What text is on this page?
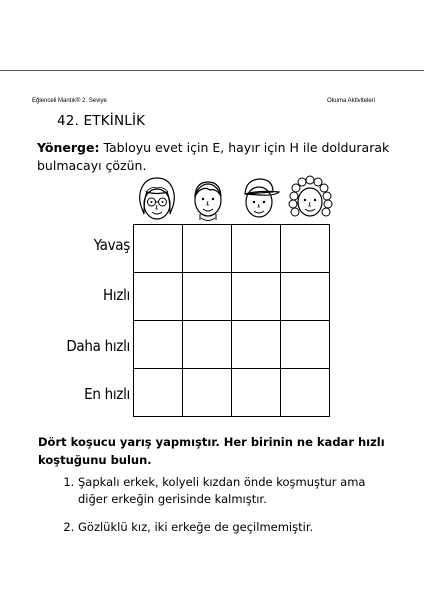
Eğlenceli Mantık® 2. Seviye	Okuma Aktiviteleri
42. ETKİNLİK
Yönerge: Tabloyu evet için E, hayır için H ile doldurarak bulmacayı çözün.

Yavaş
Hızlı
Daha hızlı
En hızlı
Dört koşucu yarış yapmıştır. Her birinin ne kadar hızlı koştuğunu bulun.
1. Şapkalı erkek, kolyeli kızdan önde koşmuştur ama diğer erkeğin gerisinde kalmıştır.
2. Gözlüklü kız, iki erkeğe de geçilmemiştir.
